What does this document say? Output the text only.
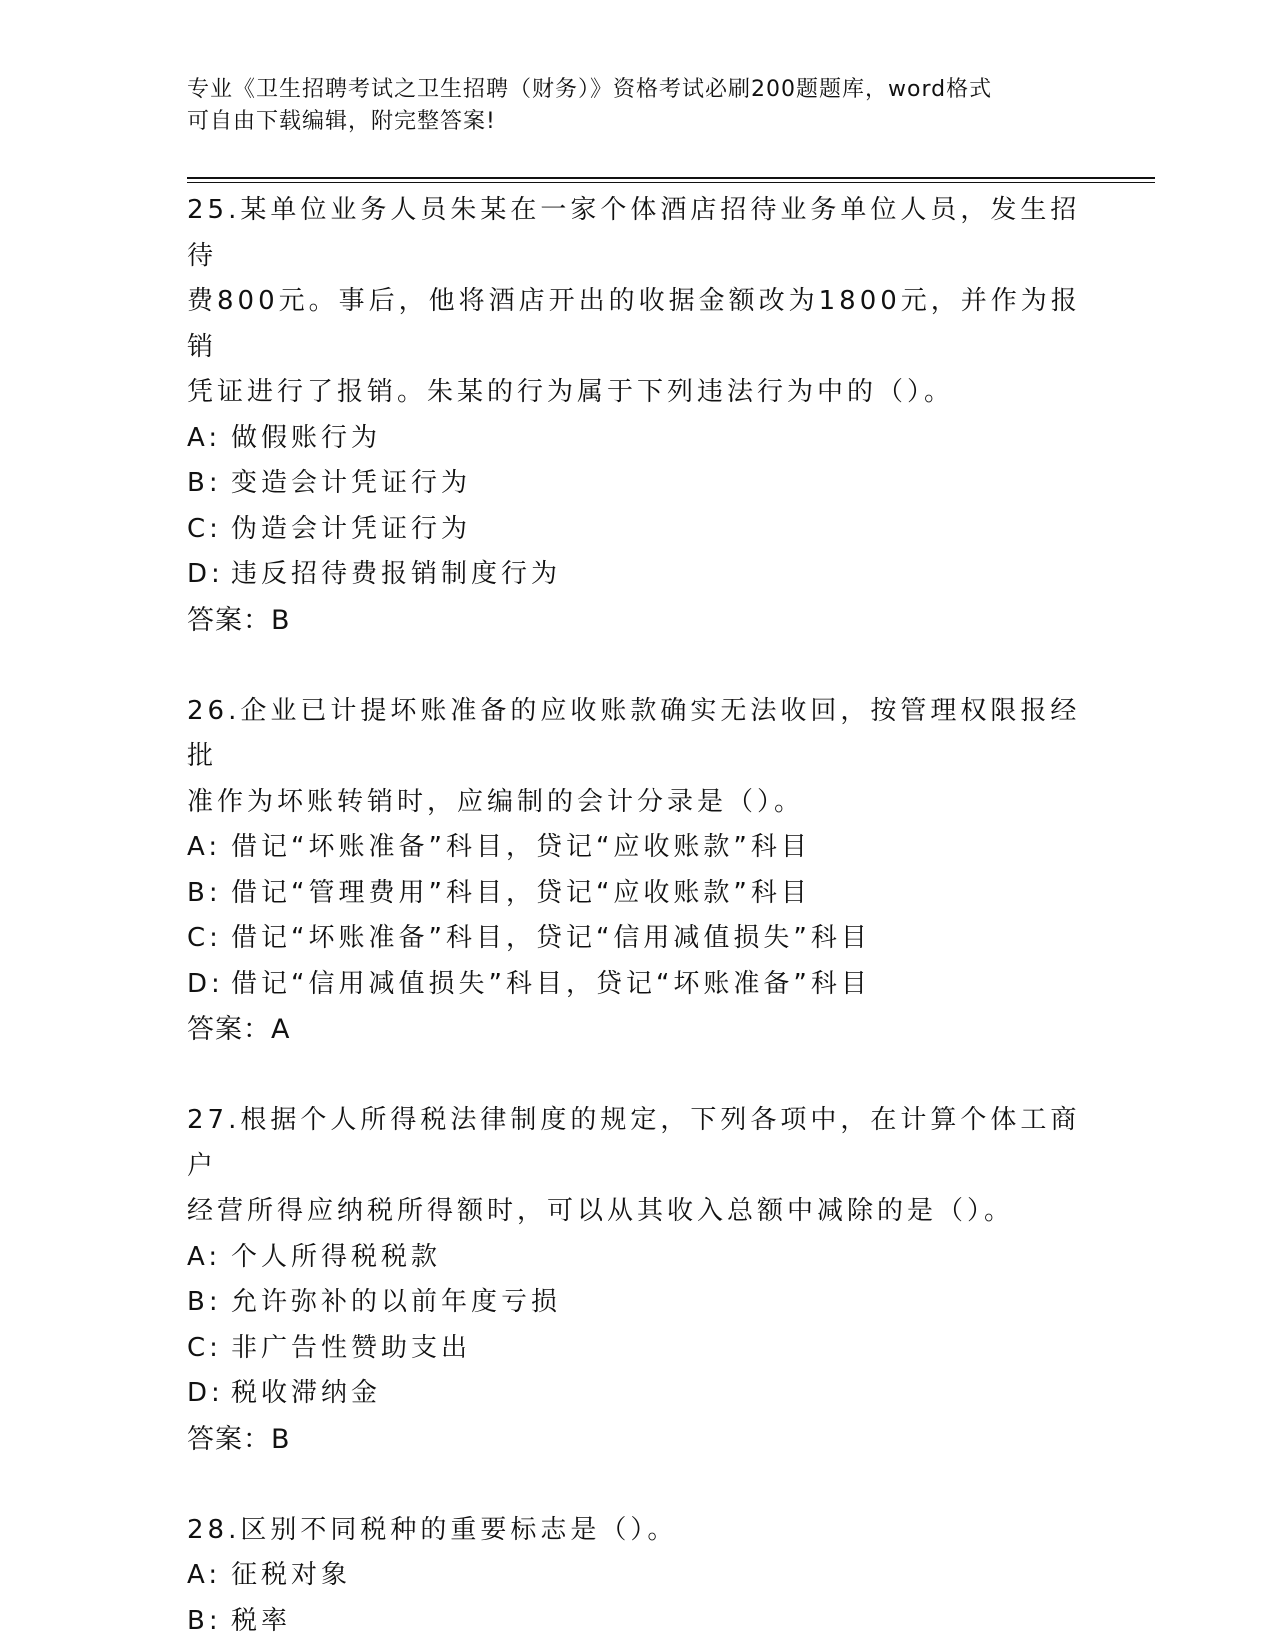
专业《卫生招聘考试之卫生招聘（财务）》资格考试必刷200题题库，word格式
可自由下载编辑，附完整答案!

25.某单位业务人员朱某在一家个体酒店招待业务单位人员，发生招待

费800元。事后，他将酒店开出的收据金额改为1800元，并作为报销

凭证进行了报销。朱某的行为属于下列违法行为中的（）。

A: 做假账行为
B: 变造会计凭证行为
C: 伪造会计凭证行为
D: 违反招待费报销制度行为

答案：B

26.企业已计提坏账准备的应收账款确实无法收回，按管理权限报经批

准作为坏账转销时，应编制的会计分录是（）。

A: 借记“坏账准备”科目，贷记“应收账款”科目
B: 借记“管理费用”科目，贷记“应收账款”科目
C: 借记“坏账准备”科目，贷记“信用减值损失”科目
D: 借记“信用减值损失”科目，贷记“坏账准备”科目

答案：A

27.根据个人所得税法律制度的规定，下列各项中，在计算个体工商户

经营所得应纳税所得额时，可以从其收入总额中减除的是（）。

A: 个人所得税税款
B: 允许弥补的以前年度亏损
C: 非广告性赞助支出
D: 税收滞纳金

答案：B

28.区别不同税种的重要标志是（）。

A: 征税对象
B: 税率
